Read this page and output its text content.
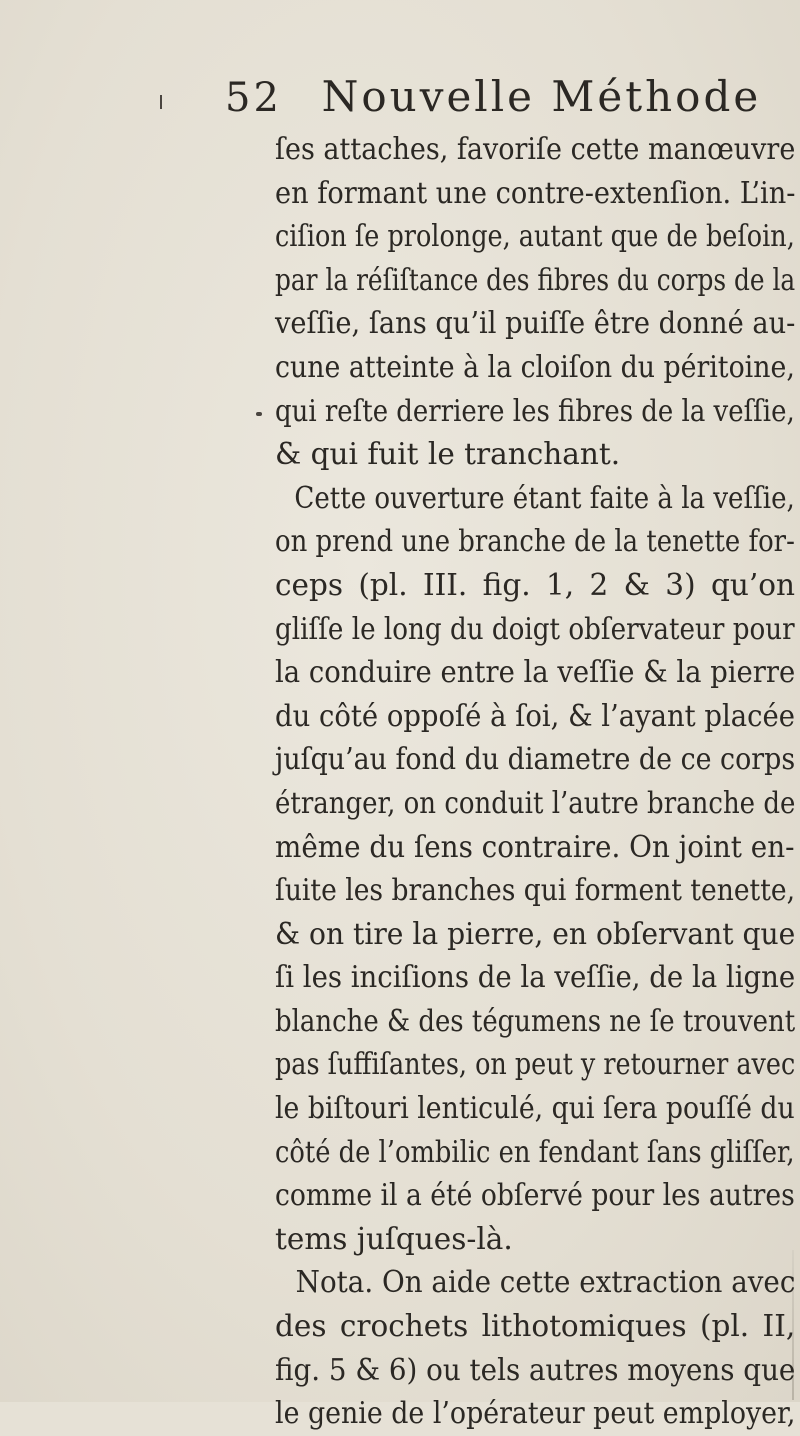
52 Nouvelle Méthode
ſes attaches, favoriſe cette manœuvre
en formant une contre-extenſion. L’in-
ciſion ſe prolonge, autant que de beſoin,
par la réſiſtance des fibres du corps de la
veſſie, ſans qu’il puiſſe être donné au-
cune atteinte à la cloiſon du péritoine,
qui reſte derriere les fibres de la veſſie,
& qui fuit le tranchant.
Cette ouverture étant faite à la veſſie,
on prend une branche de la tenette for-
ceps (pl. III. fig. 1, 2 & 3) qu’on
gliſſe le long du doigt obſervateur pour
la conduire entre la veſſie & la pierre
du côté oppoſé à ſoi, & l’ayant placée
juſqu’au fond du diametre de ce corps
étranger, on conduit l’autre branche de
même du ſens contraire. On joint en-
ſuite les branches qui forment tenette,
& on tire la pierre, en obſervant que
ſi les inciſions de la veſſie, de la ligne
blanche & des tégumens ne ſe trouvent
pas ſuffiſantes, on peut y retourner avec
le biſtouri lenticulé, qui ſera pouſſé du
côté de l’ombilic en fendant ſans gliſſer,
comme il a été obſervé pour les autres
tems juſques-là.
Nota. On aide cette extraction avec
des crochets lithotomiques (pl. II,
fig. 5 & 6) ou tels autres moyens que
le genie de l’opérateur peut employer,
